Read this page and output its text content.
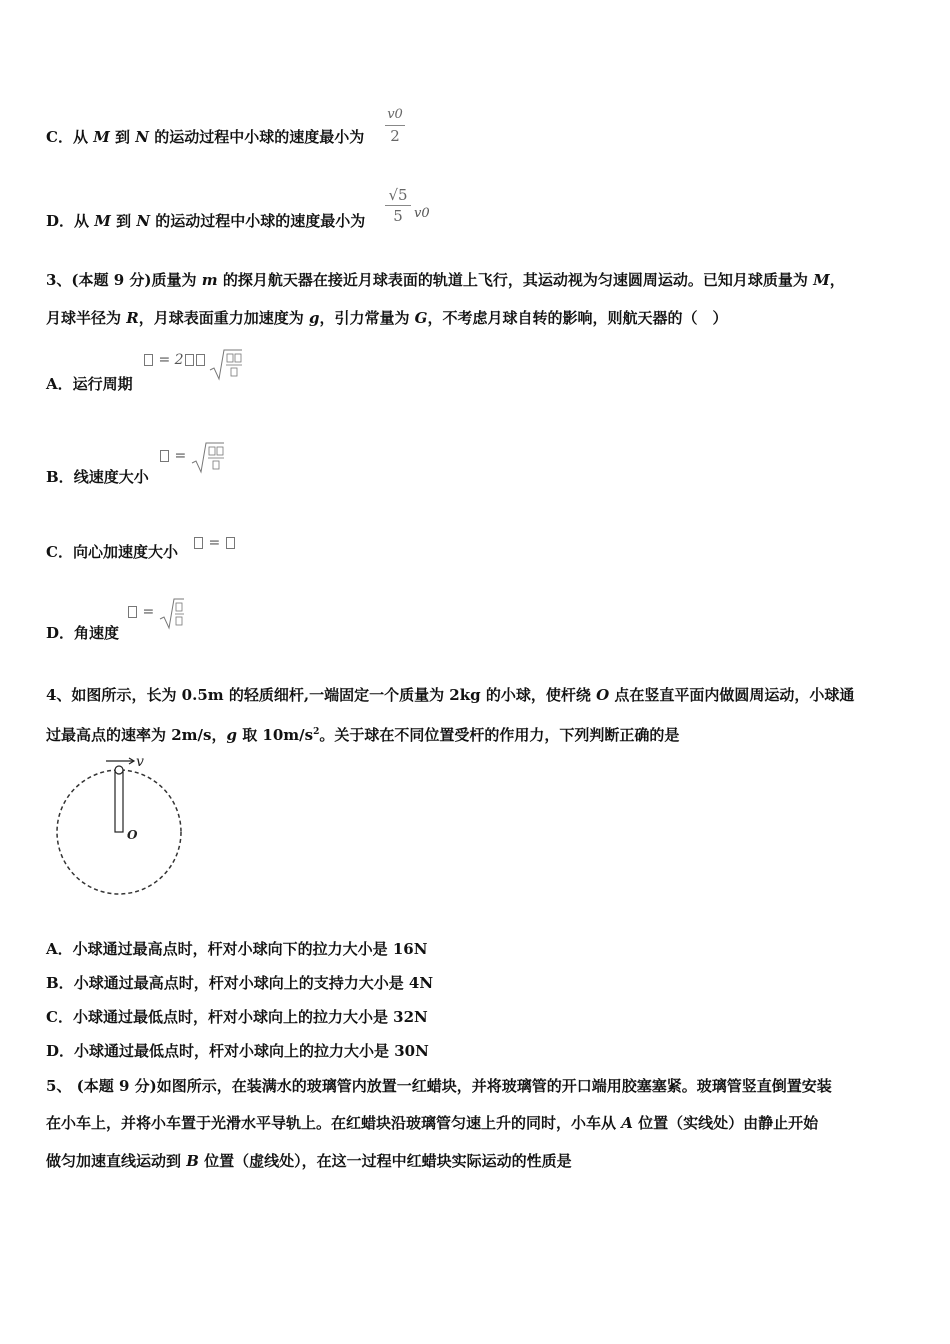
C．从 M 到 N 的运动过程中小球的速度最小为
v0
2
D．从 M 到 N 的运动过程中小球的速度最小为
√5
5 v0
3、(本题 9 分)质量为 m 的探月航天器在接近月球表面的轨道上飞行，其运动视为匀速圆周运动。已知月球质量为 M，
月球半径为 R，月球表面重力加速度为 g，引力常量为 G，不考虑月球自转的影响，则航天器的（　）
A．运行周期
= 2
B．线速度大小
=
C．向心加速度大小	=
D．角速度
=
4、如图所示，长为 0.5m 的轻质细杆,一端固定一个质量为 2kg 的小球，使杆绕 O 点在竖直平面内做圆周运动，小球通
过最高点的速率为 2m/s，g 取 $10m/s^2$。关于球在不同位置受杆的作用力，下列判断正确的是
v
O
A．小球通过最高点时，杆对小球向下的拉力大小是 16N
B．小球通过最高点时，杆对小球向上的支持力大小是 4N
C．小球通过最低点时，杆对小球向上的拉力大小是 32N
D．小球通过最低点时，杆对小球向上的拉力大小是 30N
5、 (本题 9 分)如图所示，在装满水的玻璃管内放置一红蜡块，并将玻璃管的开口端用胶塞塞紧。玻璃管竖直倒置安装
在小车上，并将小车置于光滑水平导轨上。在红蜡块沿玻璃管匀速上升的同时，小车从 A 位置（实线处）由静止开始
做匀加速直线运动到 B 位置（虚线处），在这一过程中红蜡块实际运动的性质是
